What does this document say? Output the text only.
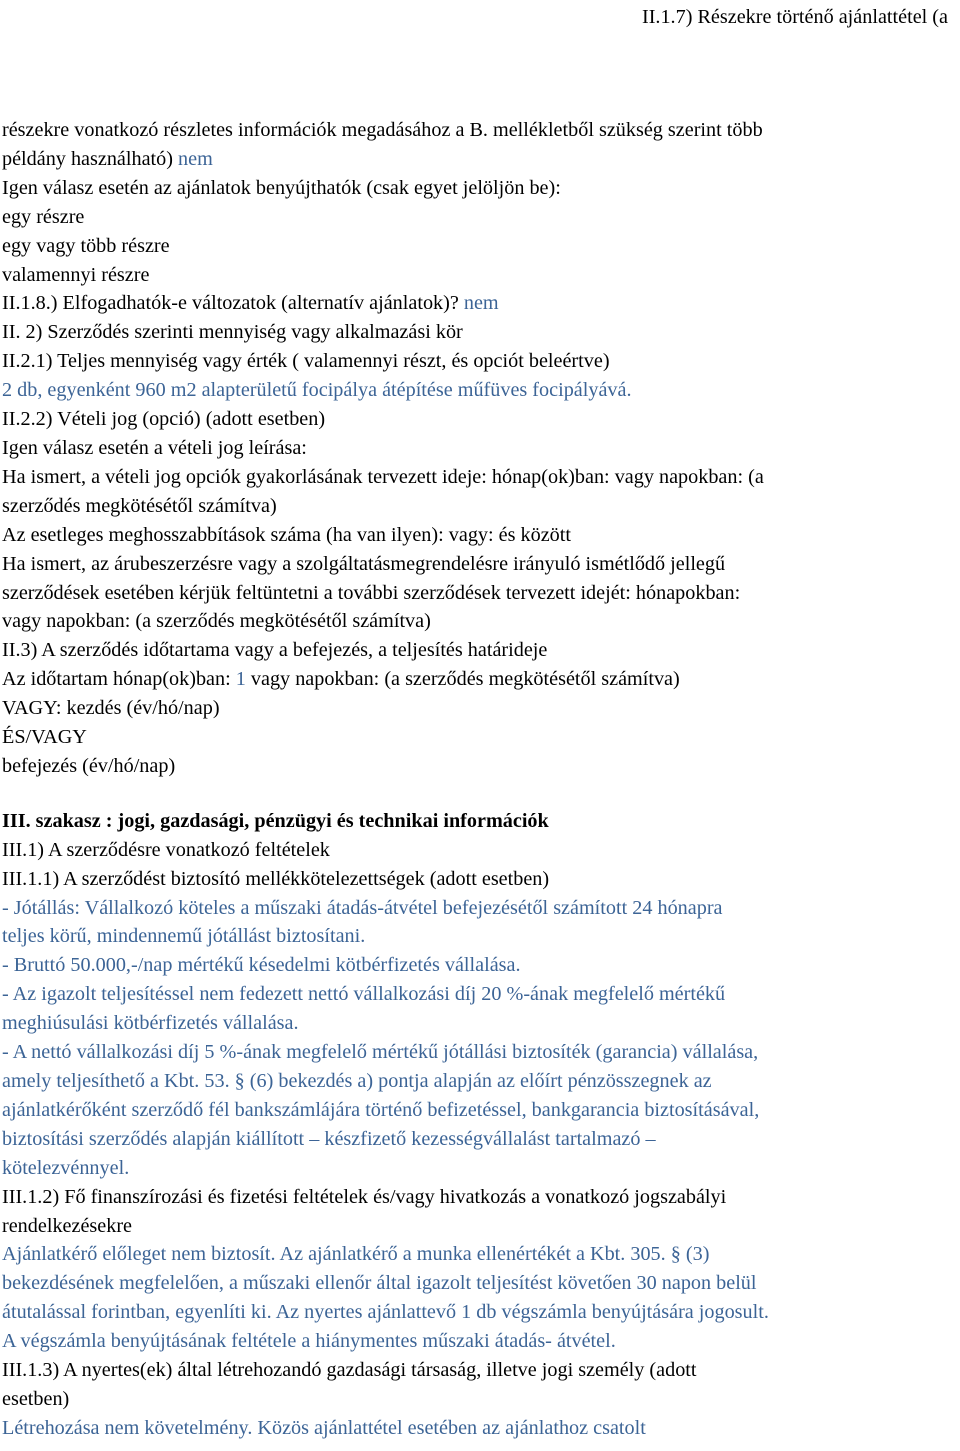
II.1.7) Részekre történő ajánlattétel (a

részekre vonatkozó részletes információk megadásához a B. mellékletből szükség szerint több

példány használható) nem

Igen válasz esetén az ajánlatok benyújthatók (csak egyet jelöljön be):

egy részre

egy vagy több részre

valamennyi részre

II.1.8.) Elfogadhatók-e változatok (alternatív ajánlatok)? nem

II. 2) Szerződés szerinti mennyiség vagy alkalmazási kör

II.2.1) Teljes mennyiség vagy érték ( valamennyi részt, és opciót beleértve)

2 db, egyenként 960 m2 alapterületű focipálya átépítése műfüves focipályává.

II.2.2) Vételi jog (opció) (adott esetben)

Igen válasz esetén a vételi jog leírása:

Ha ismert, a vételi jog opciók gyakorlásának tervezett ideje: hónap(ok)ban: vagy napokban: (a

szerződés megkötésétől számítva)

Az esetleges meghosszabbítások száma (ha van ilyen): vagy: és között

Ha ismert, az árubeszerzésre vagy a szolgáltatásmegrendelésre irányuló ismétlődő jellegű

szerződések esetében kérjük feltüntetni a további szerződések tervezett idejét: hónapokban:

vagy napokban: (a szerződés megkötésétől számítva)

II.3) A szerződés időtartama vagy a befejezés, a teljesítés határideje

Az időtartam hónap(ok)ban: 1 vagy napokban: (a szerződés megkötésétől számítva)

VAGY: kezdés (év/hó/nap)

ÉS/VAGY

befejezés (év/hó/nap)

III. szakasz : jogi, gazdasági, pénzügyi és technikai információk

III.1) A szerződésre vonatkozó feltételek

III.1.1) A szerződést biztosító mellékkötelezettségek (adott esetben)

- Jótállás: Vállalkozó köteles a műszaki átadás-átvétel befejezésétől számított 24 hónapra

teljes körű, mindennemű jótállást biztosítani.

- Bruttó 50.000,-/nap mértékű késedelmi kötbérfizetés vállalása.

- Az igazolt teljesítéssel nem fedezett nettó vállalkozási díj 20 %-ának megfelelő mértékű

meghiúsulási kötbérfizetés vállalása.

- A nettó vállalkozási díj 5 %-ának megfelelő mértékű jótállási biztosíték (garancia) vállalása,

amely teljesíthető a Kbt. 53. § (6) bekezdés a) pontja alapján az előírt pénzösszegnek az

ajánlatkérőként szerződő fél bankszámlájára történő befizetéssel, bankgarancia biztosításával,

biztosítási szerződés alapján kiállított – készfizető kezességvállalást tartalmazó –

kötelezvénnyel.

III.1.2) Fő finanszírozási és fizetési feltételek és/vagy hivatkozás a vonatkozó jogszabályi

rendelkezésekre

Ajánlatkérő előleget nem biztosít. Az ajánlatkérő a munka ellenértékét a Kbt. 305. § (3)

bekezdésének megfelelően, a műszaki ellenőr által igazolt teljesítést követően 30 napon belül

átutalással forintban, egyenlíti ki. Az nyertes ajánlattevő 1 db végszámla benyújtására jogosult.

A végszámla benyújtásának feltétele a hiánymentes műszaki átadás- átvétel.

III.1.3) A nyertes(ek) által létrehozandó gazdasági társaság, illetve jogi személy (adott

esetben)

Létrehozása nem követelmény. Közös ajánlattétel esetében az ajánlathoz csatolt
